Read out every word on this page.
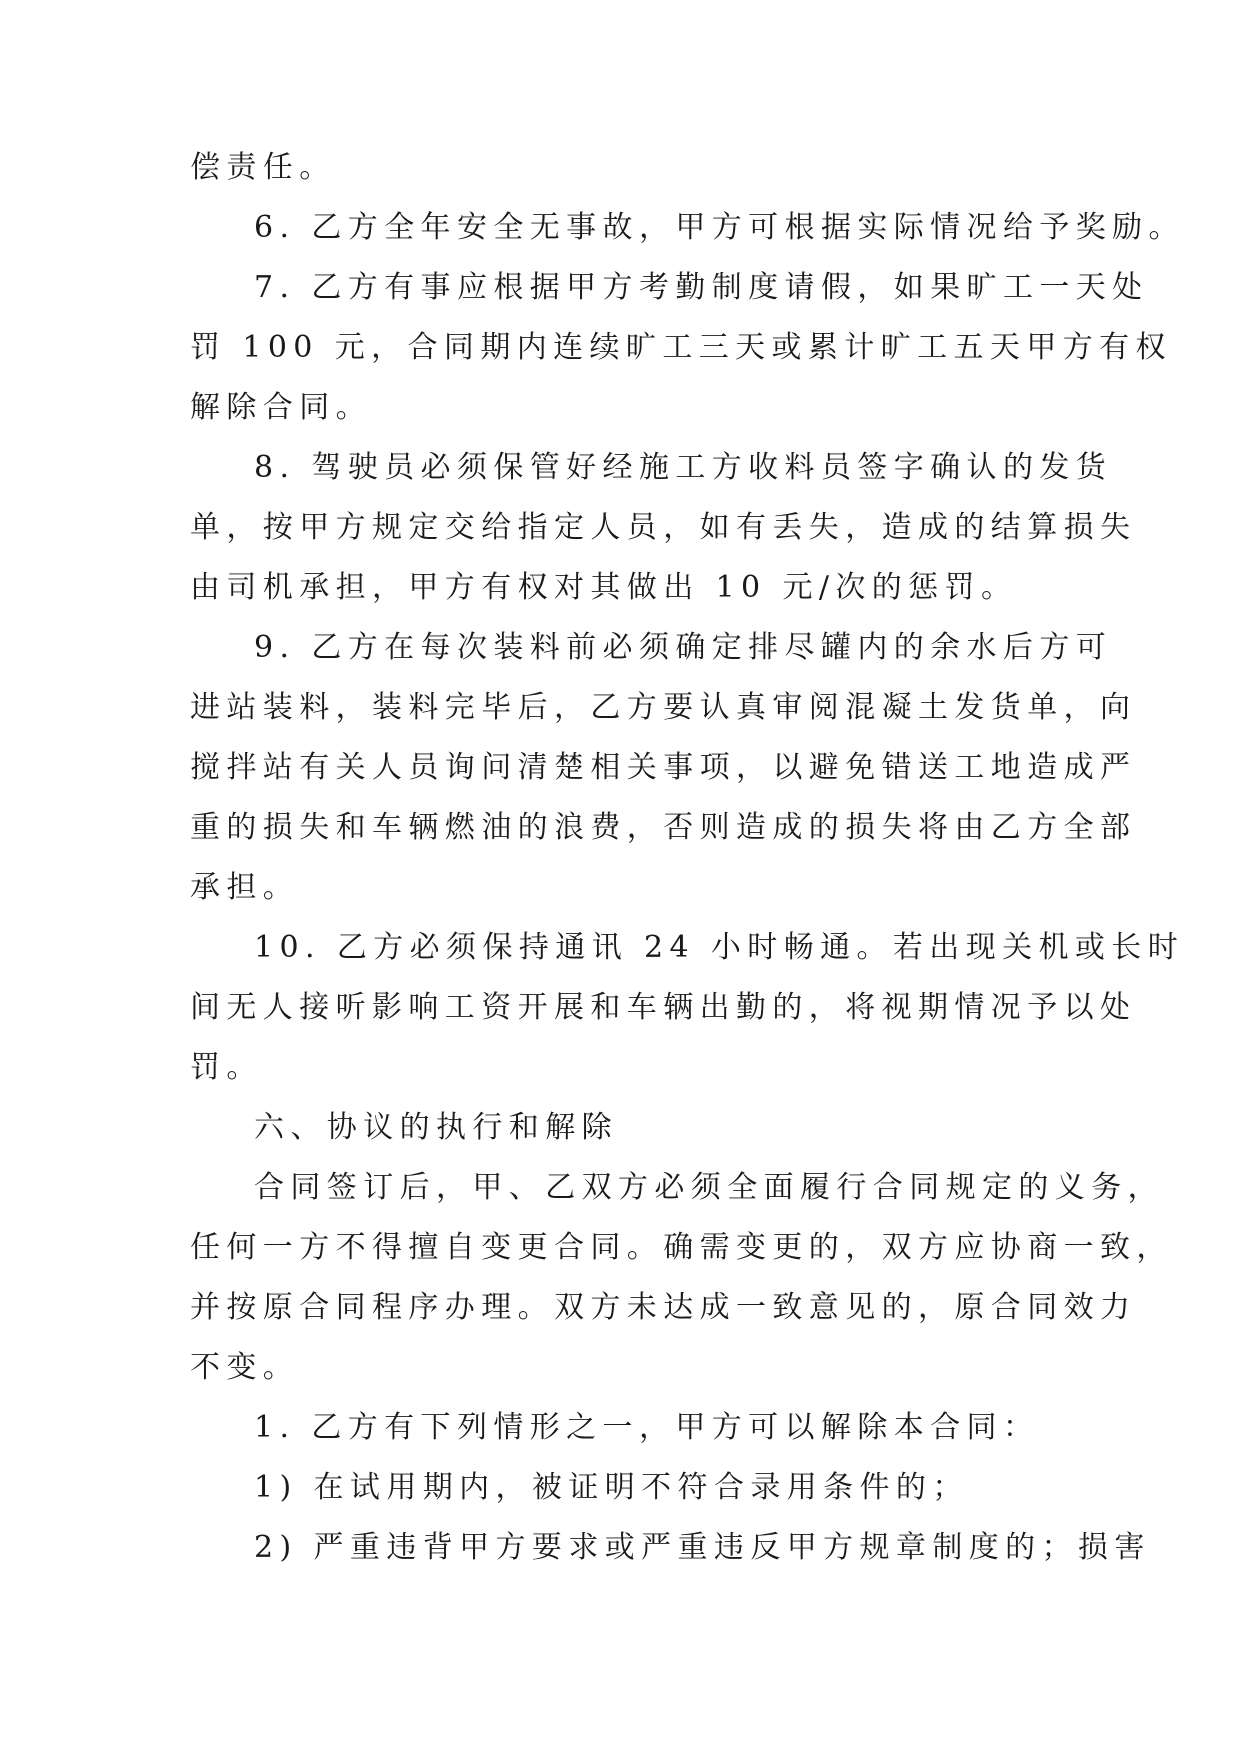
偿责任。
6. 乙方全年安全无事故，甲方可根据实际情况给予奖励。
7. 乙方有事应根据甲方考勤制度请假，如果旷工一天处
罚 100 元，合同期内连续旷工三天或累计旷工五天甲方有权
解除合同。
8. 驾驶员必须保管好经施工方收料员签字确认的发货
单，按甲方规定交给指定人员，如有丢失，造成的结算损失
由司机承担，甲方有权对其做出 10 元/次的惩罚。
9. 乙方在每次装料前必须确定排尽罐内的余水后方可
进站装料，装料完毕后，乙方要认真审阅混凝土发货单，向
搅拌站有关人员询问清楚相关事项，以避免错送工地造成严
重的损失和车辆燃油的浪费，否则造成的损失将由乙方全部
承担。
10. 乙方必须保持通讯 24 小时畅通。若出现关机或长时
间无人接听影响工资开展和车辆出勤的，将视期情况予以处
罚。
六、协议的执行和解除
合同签订后，甲、乙双方必须全面履行合同规定的义务，
任何一方不得擅自变更合同。确需变更的，双方应协商一致，
并按原合同程序办理。双方未达成一致意见的，原合同效力
不变。
1. 乙方有下列情形之一，甲方可以解除本合同：
1) 在试用期内，被证明不符合录用条件的；
2) 严重违背甲方要求或严重违反甲方规章制度的；损害
